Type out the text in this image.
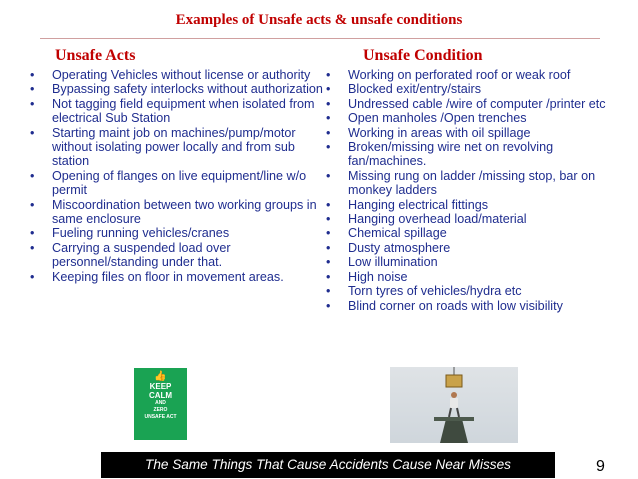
Examples of Unsafe acts & unsafe conditions
Unsafe Acts	Unsafe Condition
• Operating Vehicles without license or authority
• Bypassing safety interlocks without authorization
• Not tagging field equipment when isolated from electrical Sub Station
• Starting maint job on machines/pump/motor without isolating power locally and from sub station
• Opening of flanges on live equipment/line w/o permit
• Miscoordination between two working groups in same enclosure
• Fueling running vehicles/cranes
• Carrying a suspended load over personnel/standing under that.
• Keeping files on floor in movement areas.
• Working on perforated roof or weak roof
• Blocked exit/entry/stairs
• Undressed cable /wire of computer /printer etc
• Open manholes /Open trenches
• Working in areas with oil spillage
• Broken/missing wire net on revolving fan/machines.
• Missing rung on ladder /missing stop, bar on monkey ladders
• Hanging electrical fittings
• Hanging overhead load/material
• Chemical spillage
• Dusty atmosphere
• Low illumination
• High noise
• Torn tyres of vehicles/hydra etc
• Blind corner on roads with low visibility
👍
KEEP
CALM
AND
ZERO
UNSAFE ACT
The Same Things That Cause Accidents Cause Near Misses	9
